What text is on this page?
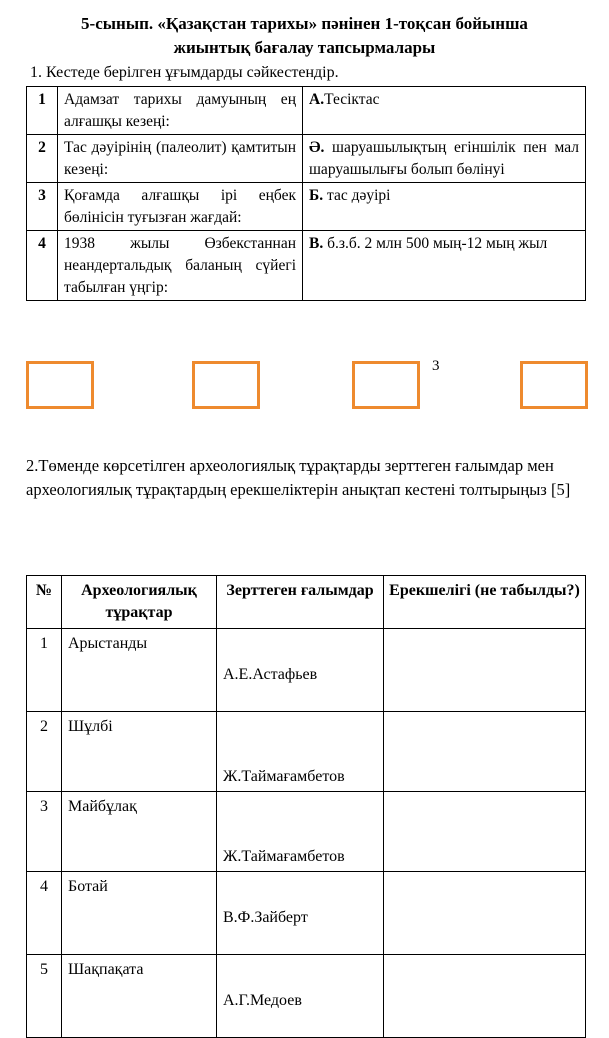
5-сынып. «Қазақстан тарихы» пәнінен 1-тоқсан бойынша
жиынтық бағалау тапсырмалары
1. Кестеде берілген ұғымдарды сәйкестендір.
1	Адамзат тарихы дамуының ең алғашқы кезеңі:	А.Тесіктас
2	Тас дәуірінің (палеолит) қамтитын кезеңі:	Ә. шаруашылықтың егіншілік пен мал шаруашылығы болып бөлінуі
3	Қоғамда алғашқы ірі еңбек бөлінісін туғызған жағдай:	Б. тас дәуірі
4	1938 жылы Өзбекстаннан неандертальдық баланың сүйегі табылған үңгір:	В. б.з.б. 2 млн 500 мың-12 мың жыл
3
2.Төменде көрсетілген археологиялық тұрақтарды зерттеген ғалымдар мен археологиялық тұрақтардың ерекшеліктерін анықтап кестені толтырыңыз [5]
№	Археологиялық тұрақтар	Зерттеген ғалымдар	Ерекшелігі (не табылды?)
1	Арыстанды	А.Е.Астафьев	
2	Шұлбі	Ж.Таймағамбетов	
3	Майбұлақ	Ж.Таймағамбетов	
4	Ботай	В.Ф.Зайберт	
5	Шақпақата	А.Г.Медоев	
